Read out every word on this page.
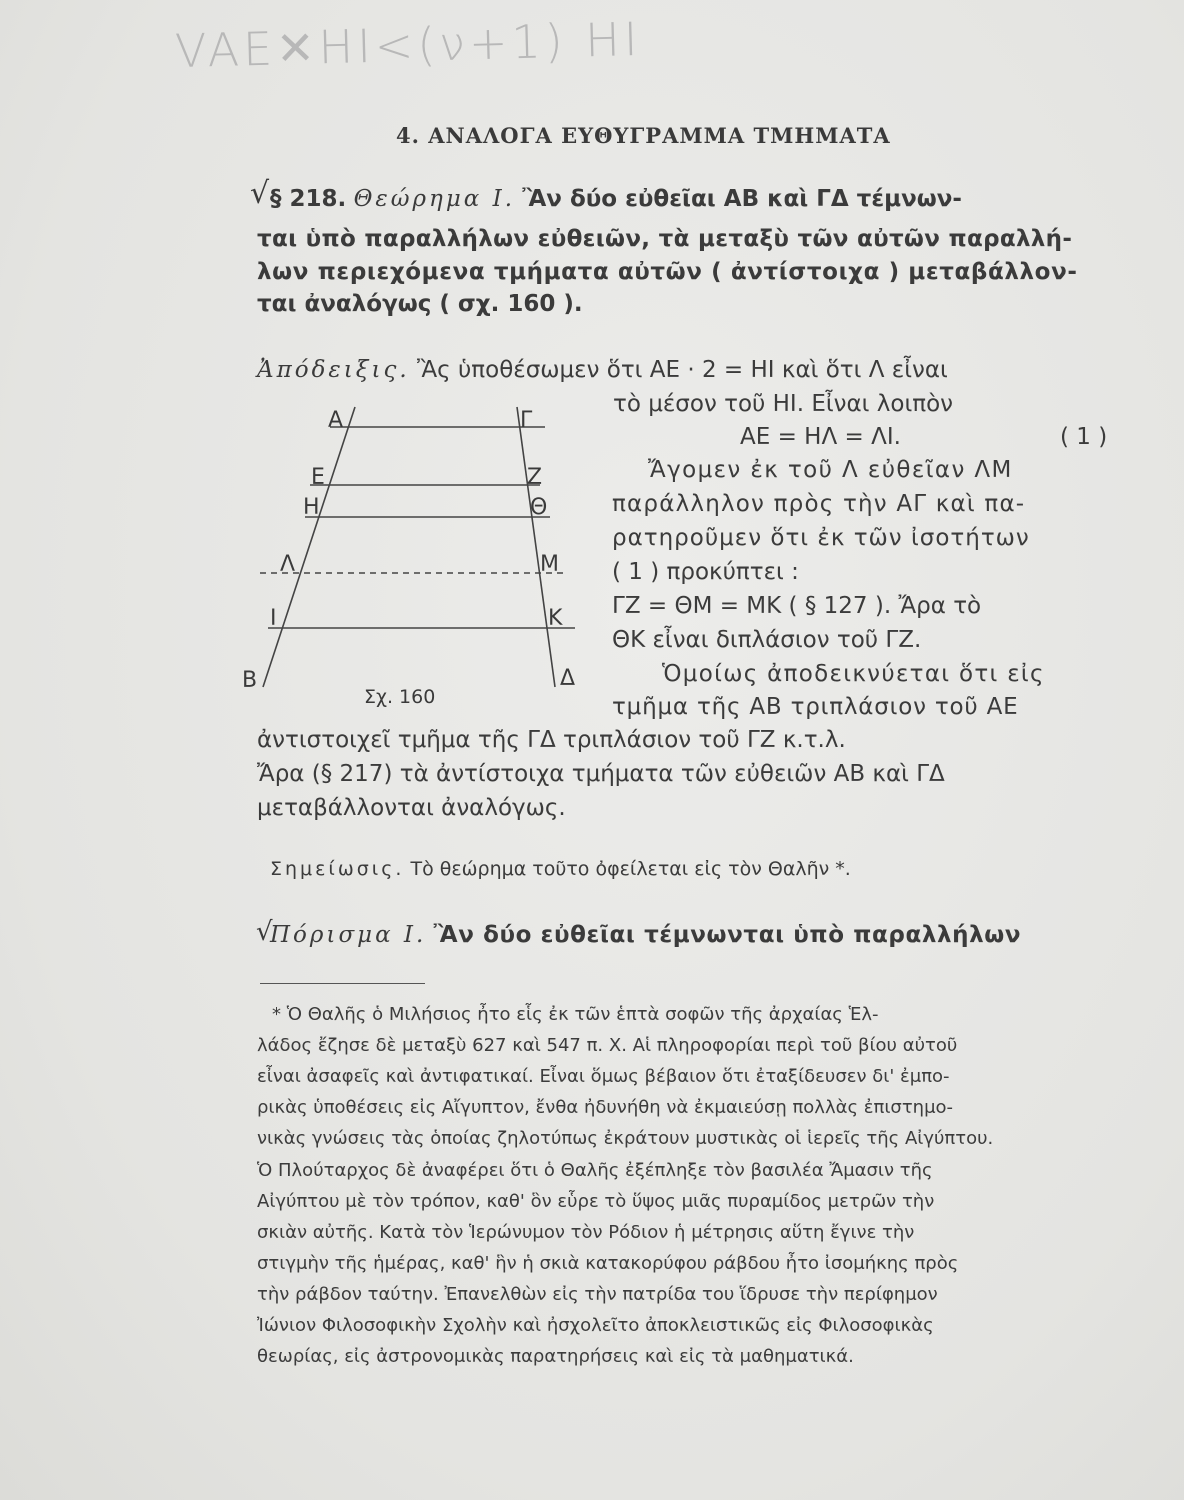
VAE✕HI<(ν+1) HI
4. ΑΝΑΛΟΓΑ ΕΥΘΥΓΡΑΜΜΑ ΤΜΗΜΑΤΑ
√ § 218. Θεώρημα Ι. Ἂν δύο εὐθεῖαι ΑΒ καὶ ΓΔ τέμνων-
ται ὑπὸ παραλλήλων εὐθειῶν, τὰ μεταξὺ τῶν αὐτῶν παραλλή-
λων περιεχόμενα τμήματα αὐτῶν ( ἀντίστοιχα ) μεταβάλλον-
ται ἀναλόγως ( σχ. 160 ).
Ἀπόδειξις. Ἂς ὑποθέσωμεν ὅτι ΑΕ · 2 = ΗΙ καὶ ὅτι Λ εἶναι
τὸ μέσον τοῦ ΗΙ. Εἶναι λοιπὸν
ΑΕ = ΗΛ = ΛΙ.	( 1 )
Ἄγομεν ἐκ τοῦ Λ εὐθεῖαν ΛΜ
παράλληλον πρὸς τὴν ΑΓ καὶ πα-
ρατηροῦμεν ὅτι ἐκ τῶν ἰσοτήτων
( 1 ) προκύπτει :
ΓΖ = ΘΜ = ΜΚ ( § 127 ). Ἄρα τὸ
ΘΚ εἶναι διπλάσιον τοῦ ΓΖ.
Ὁμοίως ἀποδεικνύεται ὅτι εἰς
τμῆμα τῆς ΑΒ τριπλάσιον τοῦ ΑΕ
ἀντιστοιχεῖ τμῆμα τῆς ΓΔ τριπλάσιον τοῦ ΓΖ κ.τ.λ.
Ἄρα (§ 217) τὰ ἀντίστοιχα τμήματα τῶν εὐθειῶν ΑΒ καὶ ΓΔ
μεταβάλλονται ἀναλόγως.
Α	Γ
Ε	Ζ
Η	Θ
Λ	Μ
Ι	Κ
Β	Δ
Σχ. 160
Σημείωσις. Τὸ θεώρημα τοῦτο ὀφείλεται εἰς τὸν Θαλῆν *.
√
Πόρισμα Ι. Ἂν δύο εὐθεῖαι τέμνωνται ὑπὸ παραλλήλων
* Ὁ Θαλῆς ὁ Μιλήσιος ἦτο εἷς ἐκ τῶν ἑπτὰ σοφῶν τῆς ἀρχαίας Ἑλ-
λάδος ἔζησε δὲ μεταξὺ 627 καὶ 547 π. Χ. Αἱ πληροφορίαι περὶ τοῦ βίου αὐτοῦ
εἶναι ἀσαφεῖς καὶ ἀντιφατικαί. Εἶναι ὅμως βέβαιον ὅτι ἐταξίδευσεν δι' ἐμπο-
ρικὰς ὑποθέσεις εἰς Αἴγυπτον, ἔνθα ἠδυνήθη νὰ ἐκμαιεύσῃ πολλὰς ἐπιστημο-
νικὰς γνώσεις τὰς ὁποίας ζηλοτύπως ἐκράτουν μυστικὰς οἱ ἱερεῖς τῆς Αἰγύπτου.
Ὁ Πλούταρχος δὲ ἀναφέρει ὅτι ὁ Θαλῆς ἐξέπληξε τὸν βασιλέα Ἄμασιν τῆς
Αἰγύπτου μὲ τὸν τρόπον, καθ' ὃν εὗρε τὸ ὕψος μιᾶς πυραμίδος μετρῶν τὴν
σκιὰν αὐτῆς. Κατὰ τὸν Ἱερώνυμον τὸν Ρόδιον ἡ μέτρησις αὕτη ἔγινε τὴν
στιγμὴν τῆς ἡμέρας, καθ' ἣν ἡ σκιὰ κατακορύφου ράβδου ἦτο ἰσομήκης πρὸς
τὴν ράβδον ταύτην. Ἐπανελθὼν εἰς τὴν πατρίδα του ἵδρυσε τὴν περίφημον
Ἰώνιον Φιλοσοφικὴν Σχολὴν καὶ ἠσχολεῖτο ἀποκλειστικῶς εἰς Φιλοσοφικὰς
θεωρίας, εἰς ἀστρονομικὰς παρατηρήσεις καὶ εἰς τὰ μαθηματικά.
